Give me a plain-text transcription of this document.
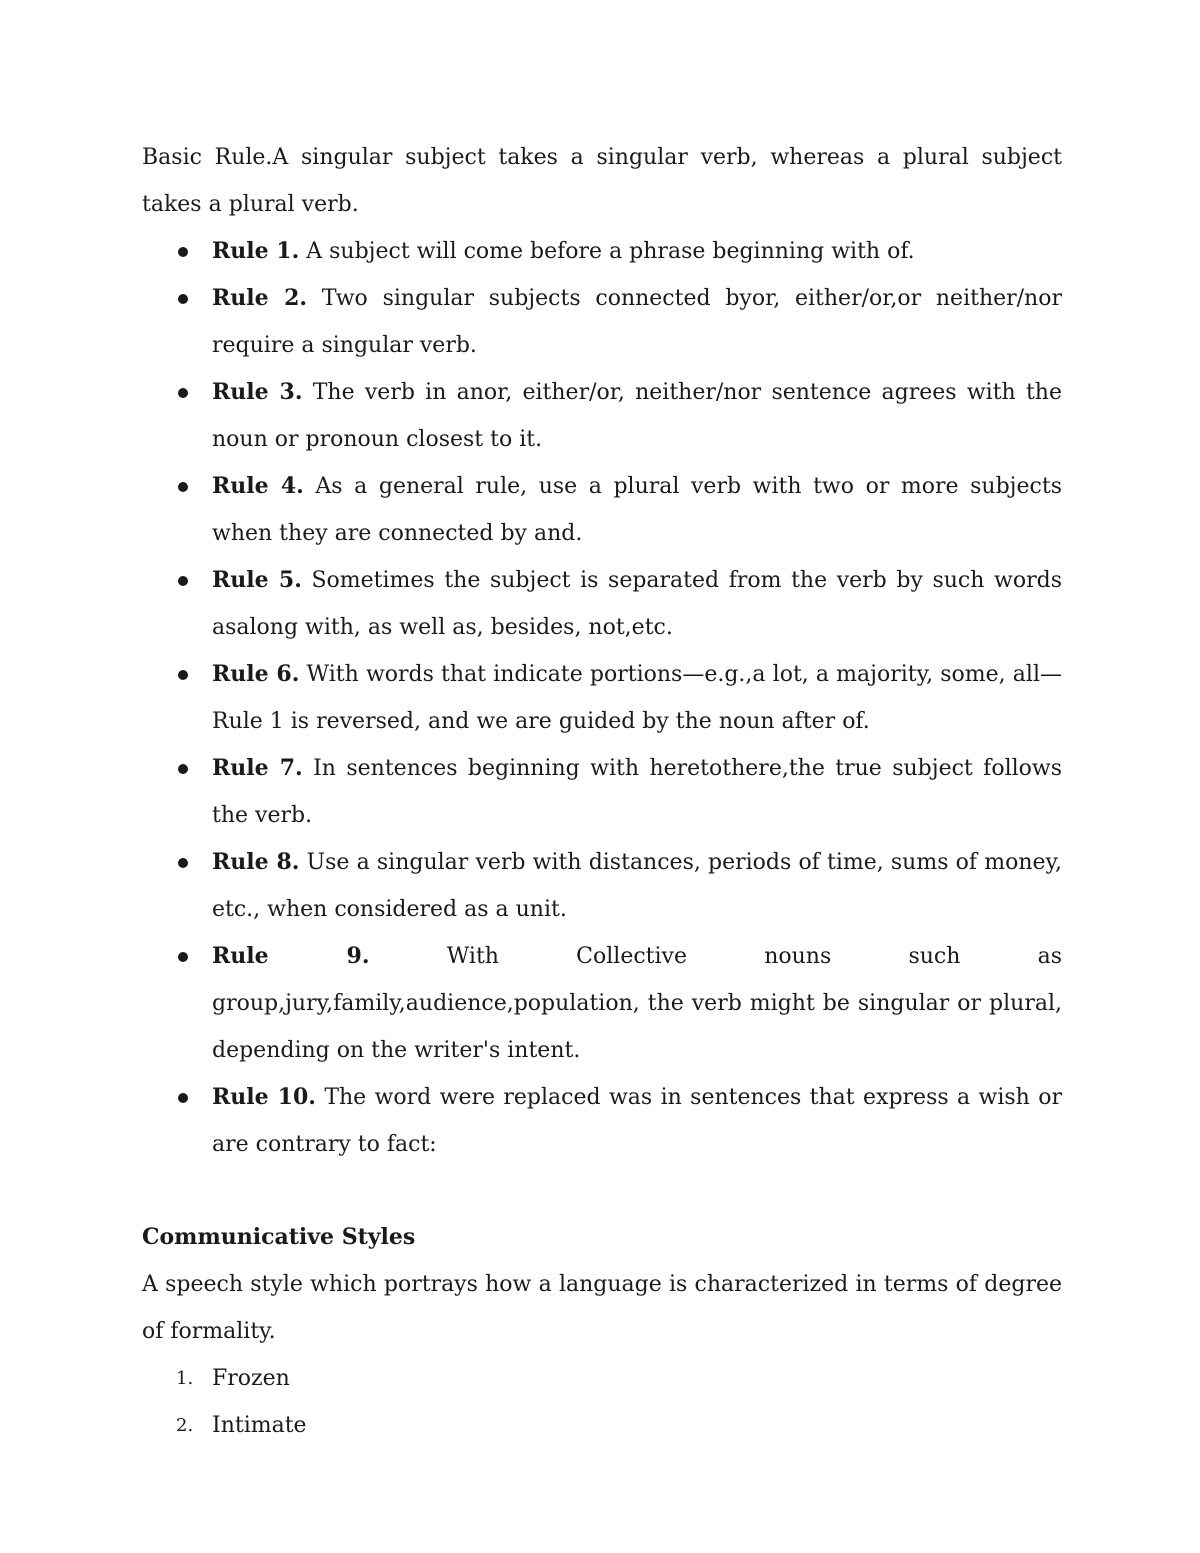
Basic Rule.A singular subject takes a singular verb, whereas a plural subject takes a plural verb.

Rule 1. A subject will come before a phrase beginning with of.
Rule 2. Two singular subjects connected byor, either/or,or neither/nor require a singular verb.
Rule 3. The verb in anor, either/or, neither/nor sentence agrees with the noun or pronoun closest to it.
Rule 4. As a general rule, use a plural verb with two or more subjects when they are connected by and.
Rule 5. Sometimes the subject is separated from the verb by such words asalong with, as well as, besides, not,etc.
Rule 6. With words that indicate portions—e.g.,a lot, a majority, some, all—Rule 1 is reversed, and we are guided by the noun after of.
Rule 7. In sentences beginning with heretothere,the true subject follows the verb.
Rule 8. Use a singular verb with distances, periods of time, sums of money, etc., when considered as a unit.
Rule 9. With Collective nouns such as group,jury,family,audience,population, the verb might be singular or plural, depending on the writer's intent.
Rule 10. The word were replaced was in sentences that express a wish or are contrary to fact:

Communicative Styles

A speech style which portrays how a language is characterized in terms of degree of formality.

1. Frozen
2. Intimate
